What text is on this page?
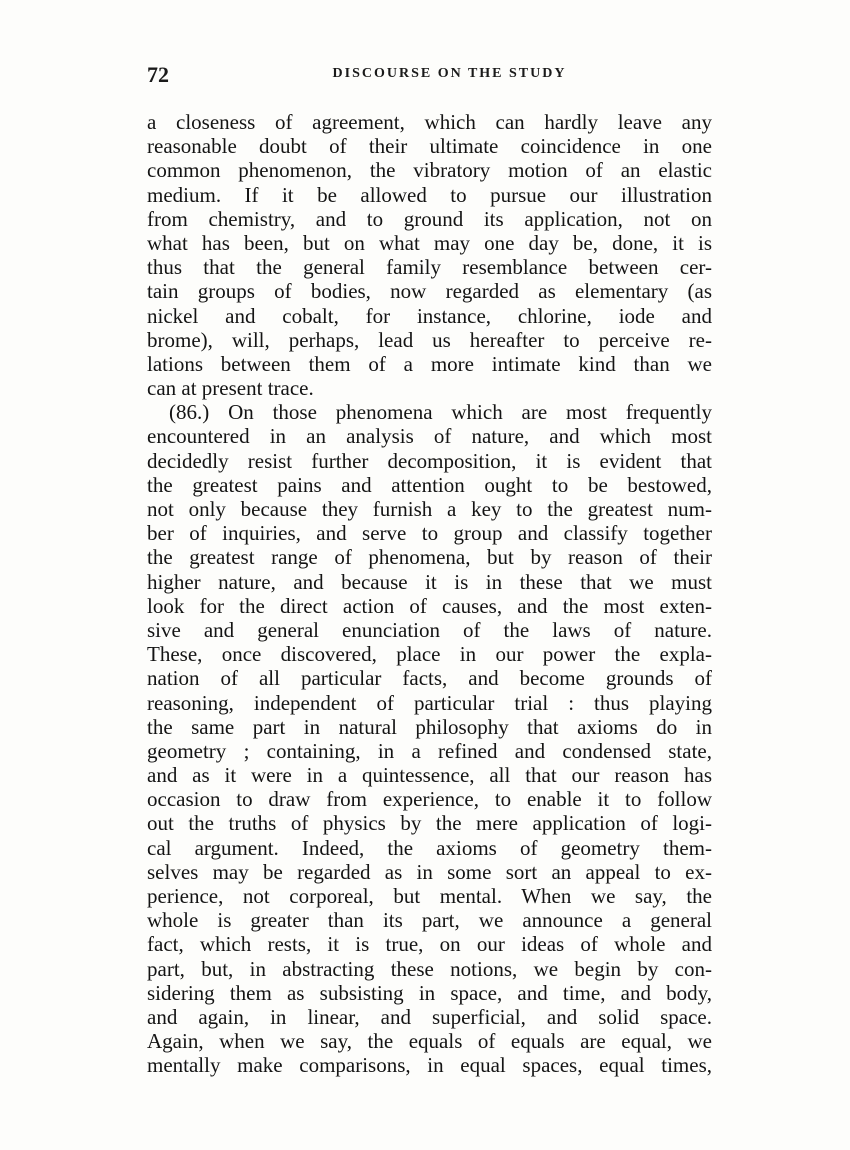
72	DISCOURSE ON THE STUDY
a closeness of agreement, which can hardly leave any
reasonable doubt of their ultimate coincidence in one
common phenomenon, the vibratory motion of an elastic
medium. If it be allowed to pursue our illustration
from chemistry, and to ground its application, not on
what has been, but on what may one day be, done, it is
thus that the general family resemblance between cer-
tain groups of bodies, now regarded as elementary (as
nickel and cobalt, for instance, chlorine, iode and
brome), will, perhaps, lead us hereafter to perceive re-
lations between them of a more intimate kind than we
can at present trace.
(86.) On those phenomena which are most frequently
encountered in an analysis of nature, and which most
decidedly resist further decomposition, it is evident that
the greatest pains and attention ought to be bestowed,
not only because they furnish a key to the greatest num-
ber of inquiries, and serve to group and classify together
the greatest range of phenomena, but by reason of their
higher nature, and because it is in these that we must
look for the direct action of causes, and the most exten-
sive and general enunciation of the laws of nature.
These, once discovered, place in our power the expla-
nation of all particular facts, and become grounds of
reasoning, independent of particular trial : thus playing
the same part in natural philosophy that axioms do in
geometry ; containing, in a refined and condensed state,
and as it were in a quintessence, all that our reason has
occasion to draw from experience, to enable it to follow
out the truths of physics by the mere application of logi-
cal argument. Indeed, the axioms of geometry them-
selves may be regarded as in some sort an appeal to ex-
perience, not corporeal, but mental. When we say, the
whole is greater than its part, we announce a general
fact, which rests, it is true, on our ideas of whole and
part, but, in abstracting these notions, we begin by con-
sidering them as subsisting in space, and time, and body,
and again, in linear, and superficial, and solid space.
Again, when we say, the equals of equals are equal, we
mentally make comparisons, in equal spaces, equal times,
